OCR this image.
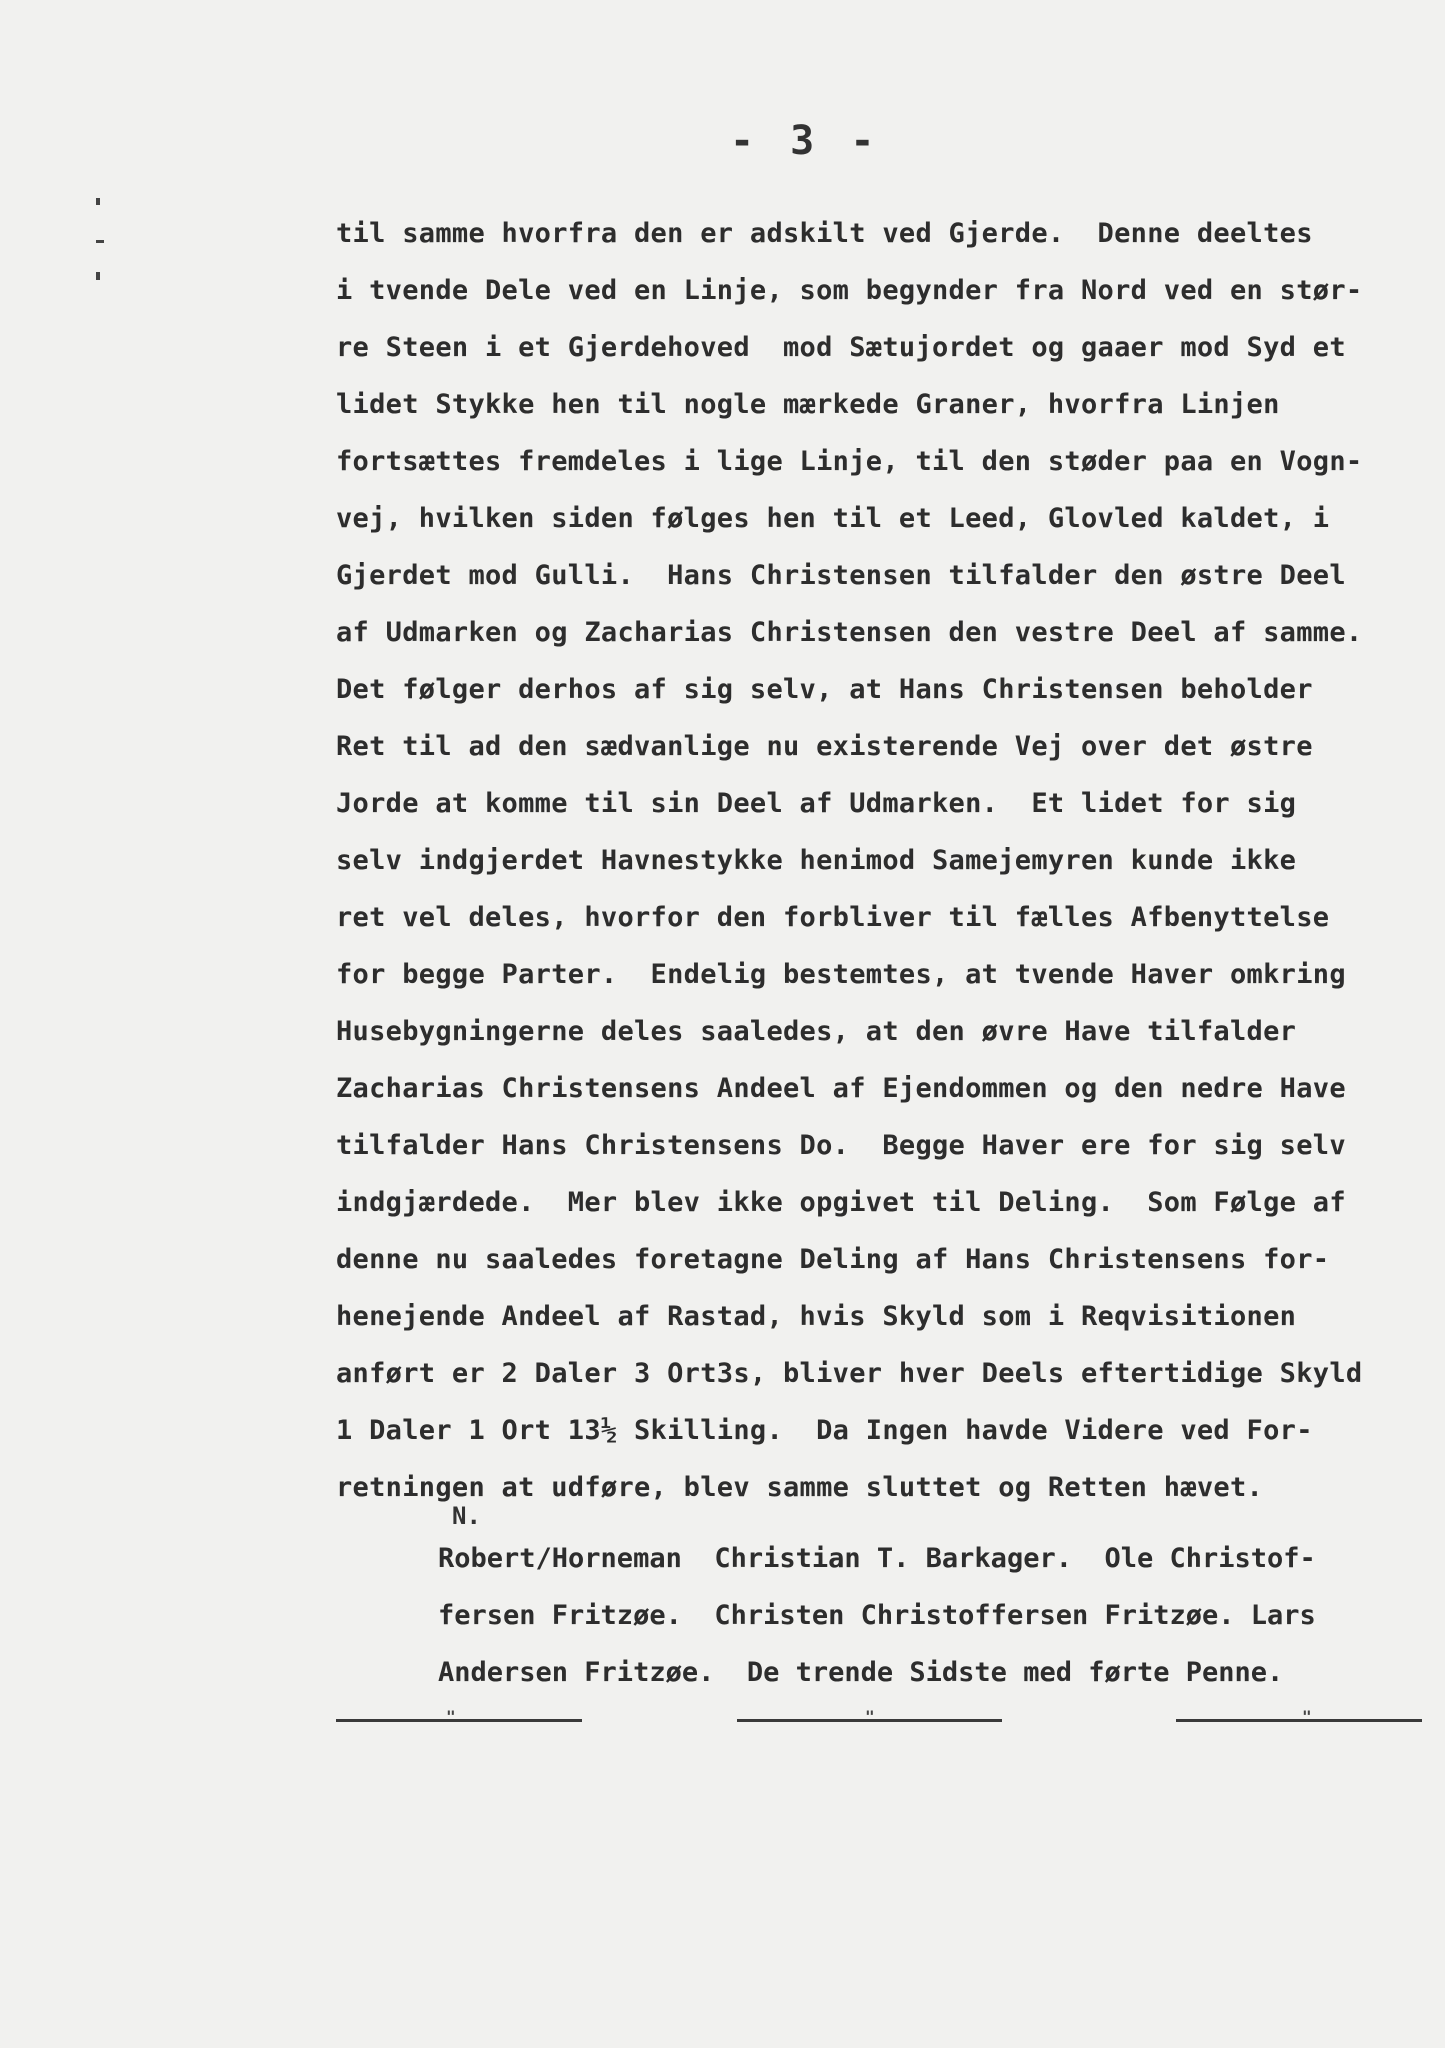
- 3 -
til samme hvorfra den er adskilt ved Gjerde.  Denne deeltes
i tvende Dele ved en Linje, som begynder fra Nord ved en stør-
re Steen i et Gjerdehoved  mod Sætujordet og gaaer mod Syd et
lidet Stykke hen til nogle mærkede Graner, hvorfra Linjen
fortsættes fremdeles i lige Linje, til den støder paa en Vogn-
vej, hvilken siden følges hen til et Leed, Glovled kaldet, i
Gjerdet mod Gulli.  Hans Christensen tilfalder den østre Deel
af Udmarken og Zacharias Christensen den vestre Deel af samme.
Det følger derhos af sig selv, at Hans Christensen beholder
Ret til ad den sædvanlige nu existerende Vej over det østre
Jorde at komme til sin Deel af Udmarken.  Et lidet for sig
selv indgjerdet Havnestykke henimod Samejemyren kunde ikke
ret vel deles, hvorfor den forbliver til fælles Afbenyttelse
for begge Parter.  Endelig bestemtes, at tvende Haver omkring
Husebygningerne deles saaledes, at den øvre Have tilfalder
Zacharias Christensens Andeel af Ejendommen og den nedre Have
tilfalder Hans Christensens Do.  Begge Haver ere for sig selv
indgjærdede.  Mer blev ikke opgivet til Deling.  Som Følge af
denne nu saaledes foretagne Deling af Hans Christensens for-
henejende Andeel af Rastad, hvis Skyld som i Reqvisitionen
anført er 2 Daler 3 Ort3s, bliver hver Deels eftertidige Skyld
1 Daler 1 Ort 13½ Skilling.  Da Ingen havde Videre ved For-
retningen at udføre, blev samme sluttet og Retten hævet.
N.
Robert/Horneman  Christian T. Barkager.  Ole Christof-
fersen Fritzøe.  Christen Christoffersen Fritzøe. Lars
Andersen Fritzøe.  De trende Sidste med førte Penne.
"	"	"
